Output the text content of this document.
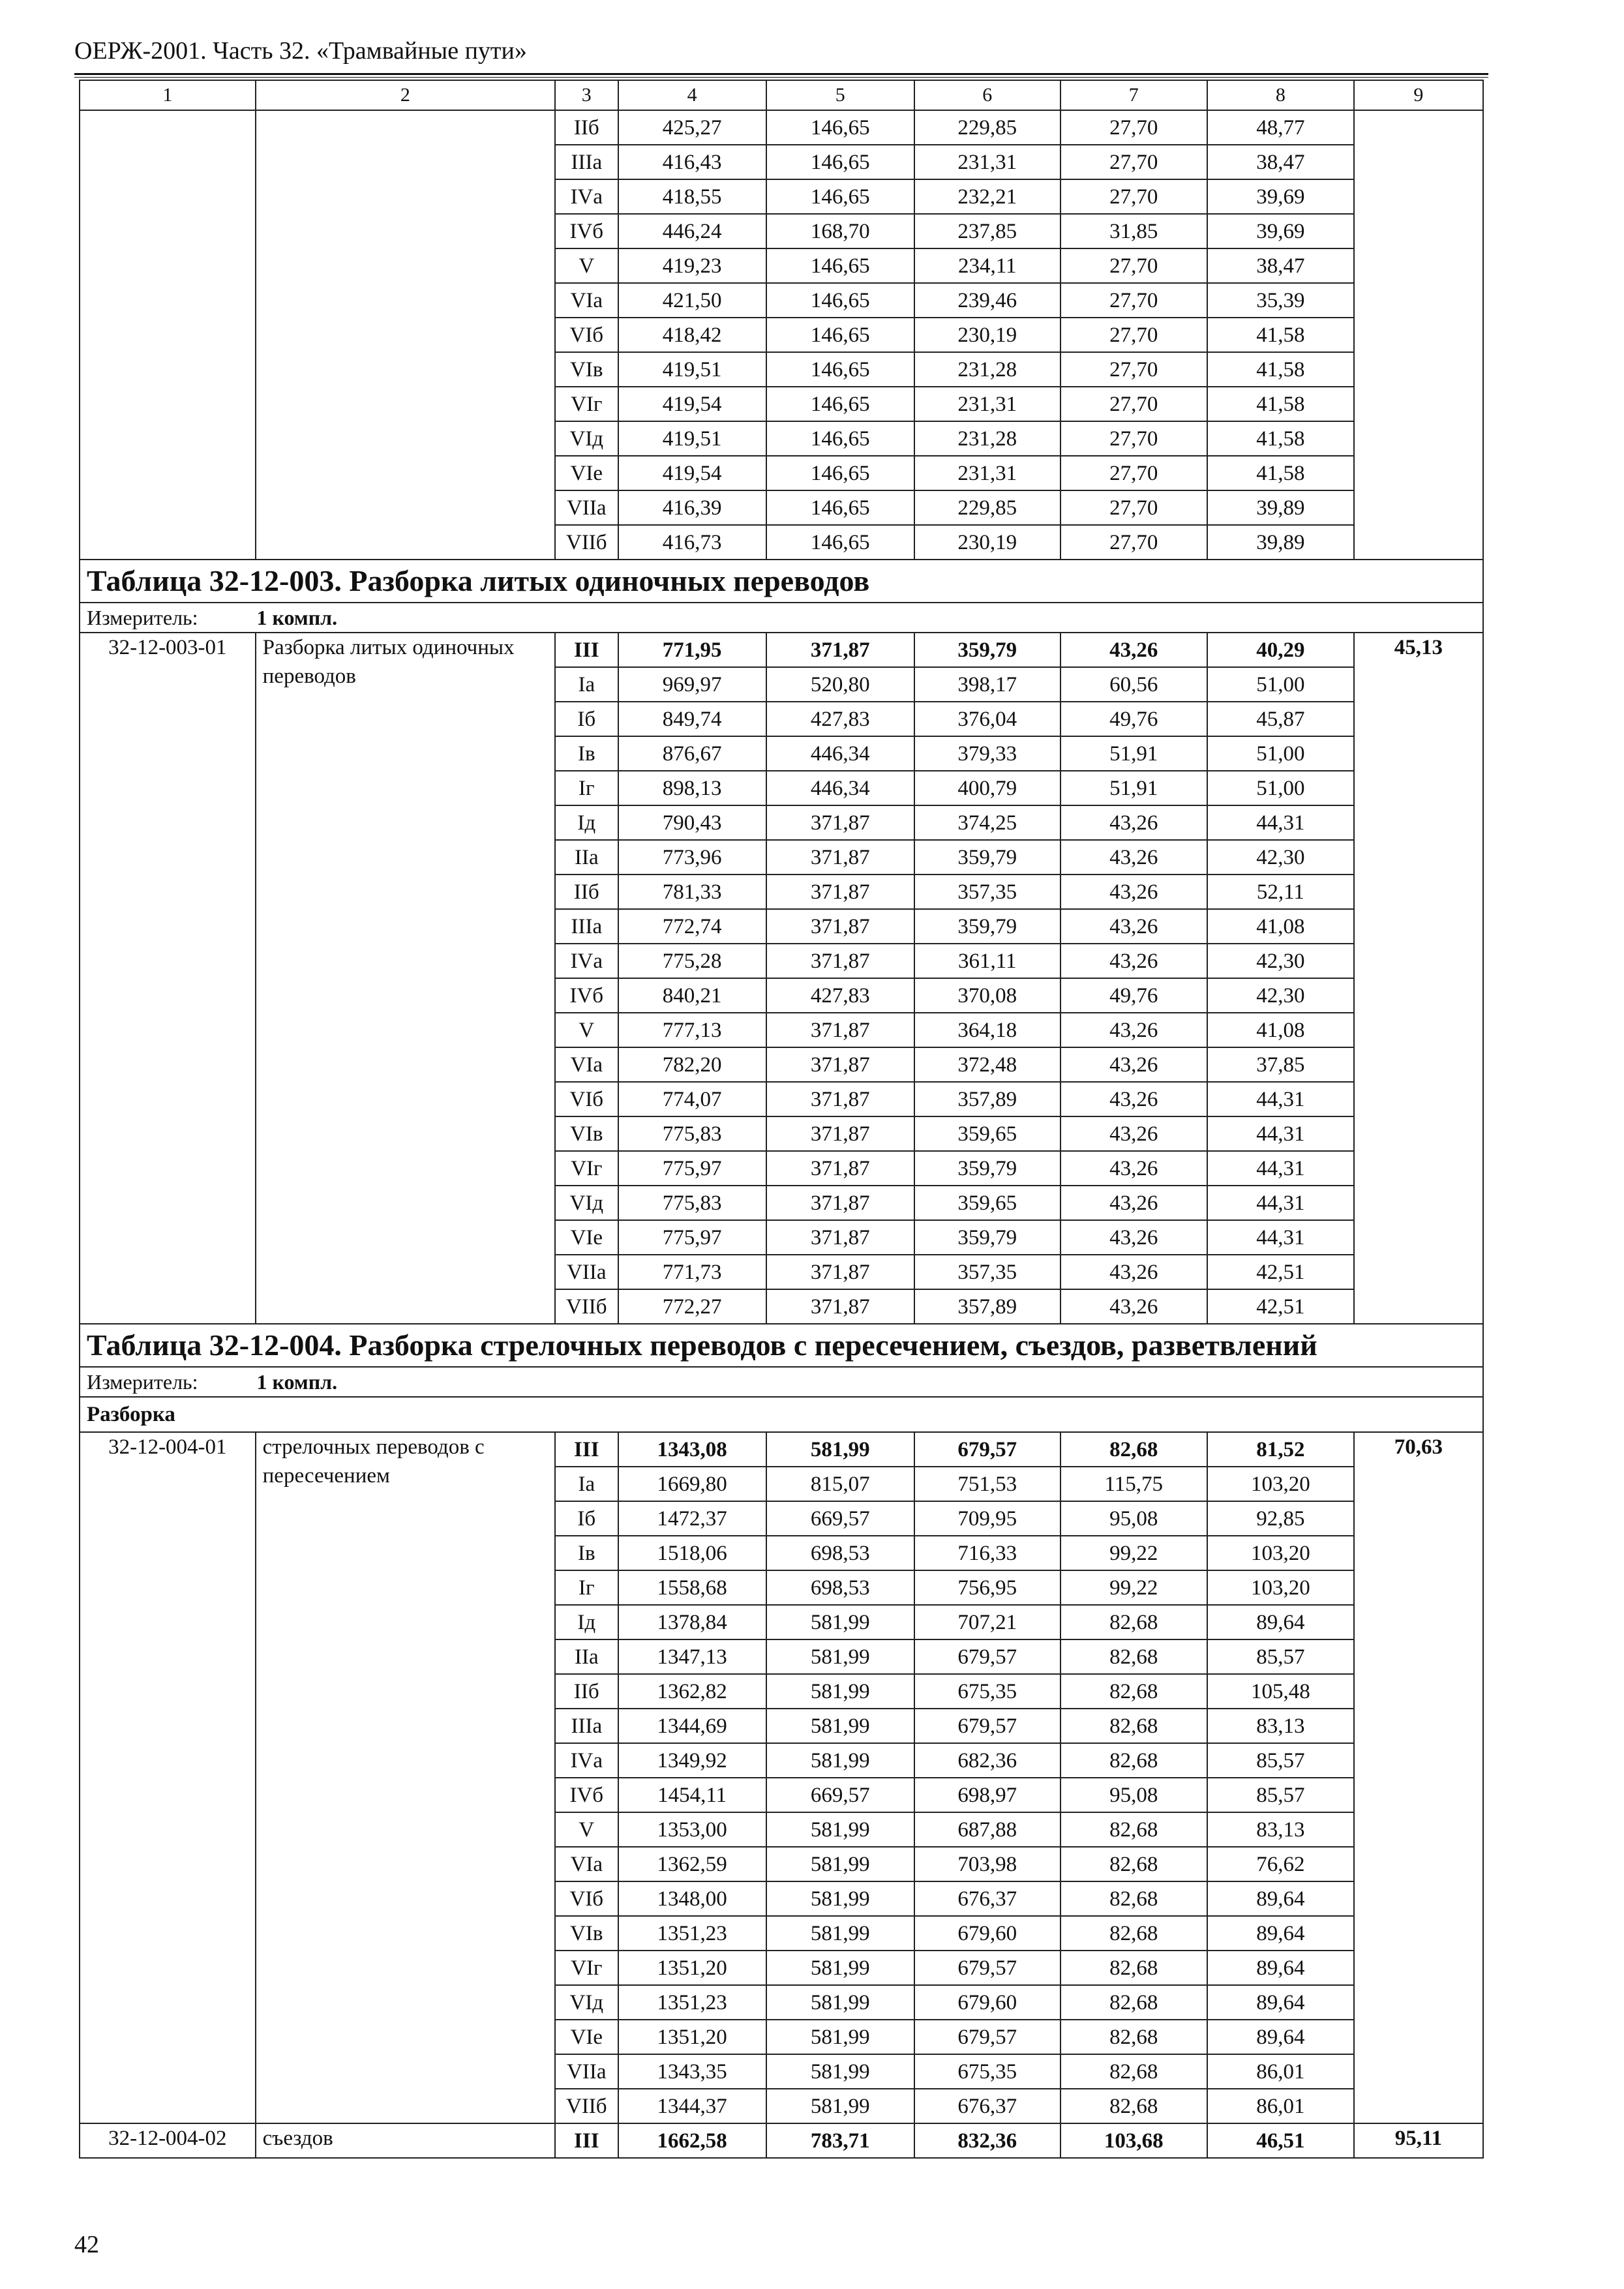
ОЕРЖ-2001. Часть 32. «Трамвайные пути»
1	2	3	4	5	6	7	8	9
		IIб	425,27	146,65	229,85	27,70	48,77	
		IIIа	416,43	146,65	231,31	27,70	38,47	
		IVа	418,55	146,65	232,21	27,70	39,69	
		IVб	446,24	168,70	237,85	31,85	39,69	
		V	419,23	146,65	234,11	27,70	38,47	
		VIа	421,50	146,65	239,46	27,70	35,39	
		VIб	418,42	146,65	230,19	27,70	41,58	
		VIв	419,51	146,65	231,28	27,70	41,58	
		VIг	419,54	146,65	231,31	27,70	41,58	
		VIд	419,51	146,65	231,28	27,70	41,58	
		VIе	419,54	146,65	231,31	27,70	41,58	
		VIIа	416,39	146,65	229,85	27,70	39,89	
		VIIб	416,73	146,65	230,19	27,70	39,89	
Таблица 32-12-003. Разборка литых одиночных переводов								
Измеритель: 1 компл.								
32-12-003-01	Разборка литых одиночных переводов	III	771,95	371,87	359,79	43,26	40,29	45,13
		Iа	969,97	520,80	398,17	60,56	51,00	
		Iб	849,74	427,83	376,04	49,76	45,87	
		Iв	876,67	446,34	379,33	51,91	51,00	
		Iг	898,13	446,34	400,79	51,91	51,00	
		Iд	790,43	371,87	374,25	43,26	44,31	
		IIа	773,96	371,87	359,79	43,26	42,30	
		IIб	781,33	371,87	357,35	43,26	52,11	
		IIIа	772,74	371,87	359,79	43,26	41,08	
		IVа	775,28	371,87	361,11	43,26	42,30	
		IVб	840,21	427,83	370,08	49,76	42,30	
		V	777,13	371,87	364,18	43,26	41,08	
		VIа	782,20	371,87	372,48	43,26	37,85	
		VIб	774,07	371,87	357,89	43,26	44,31	
		VIв	775,83	371,87	359,65	43,26	44,31	
		VIг	775,97	371,87	359,79	43,26	44,31	
		VIд	775,83	371,87	359,65	43,26	44,31	
		VIе	775,97	371,87	359,79	43,26	44,31	
		VIIа	771,73	371,87	357,35	43,26	42,51	
		VIIб	772,27	371,87	357,89	43,26	42,51	
Таблица 32-12-004. Разборка стрелочных переводов с пересечением, съездов, разветвлений								
Измеритель: 1 компл.								
Разборка								
32-12-004-01	стрелочных переводов с пересечением	III	1343,08	581,99	679,57	82,68	81,52	70,63
		Iа	1669,80	815,07	751,53	115,75	103,20	
		Iб	1472,37	669,57	709,95	95,08	92,85	
		Iв	1518,06	698,53	716,33	99,22	103,20	
		Iг	1558,68	698,53	756,95	99,22	103,20	
		Iд	1378,84	581,99	707,21	82,68	89,64	
		IIа	1347,13	581,99	679,57	82,68	85,57	
		IIб	1362,82	581,99	675,35	82,68	105,48	
		IIIа	1344,69	581,99	679,57	82,68	83,13	
		IVа	1349,92	581,99	682,36	82,68	85,57	
		IVб	1454,11	669,57	698,97	95,08	85,57	
		V	1353,00	581,99	687,88	82,68	83,13	
		VIа	1362,59	581,99	703,98	82,68	76,62	
		VIб	1348,00	581,99	676,37	82,68	89,64	
		VIв	1351,23	581,99	679,60	82,68	89,64	
		VIг	1351,20	581,99	679,57	82,68	89,64	
		VIд	1351,23	581,99	679,60	82,68	89,64	
		VIе	1351,20	581,99	679,57	82,68	89,64	
		VIIа	1343,35	581,99	675,35	82,68	86,01	
		VIIб	1344,37	581,99	676,37	82,68	86,01	
32-12-004-02	съездов	III	1662,58	783,71	832,36	103,68	46,51	95,11
42
